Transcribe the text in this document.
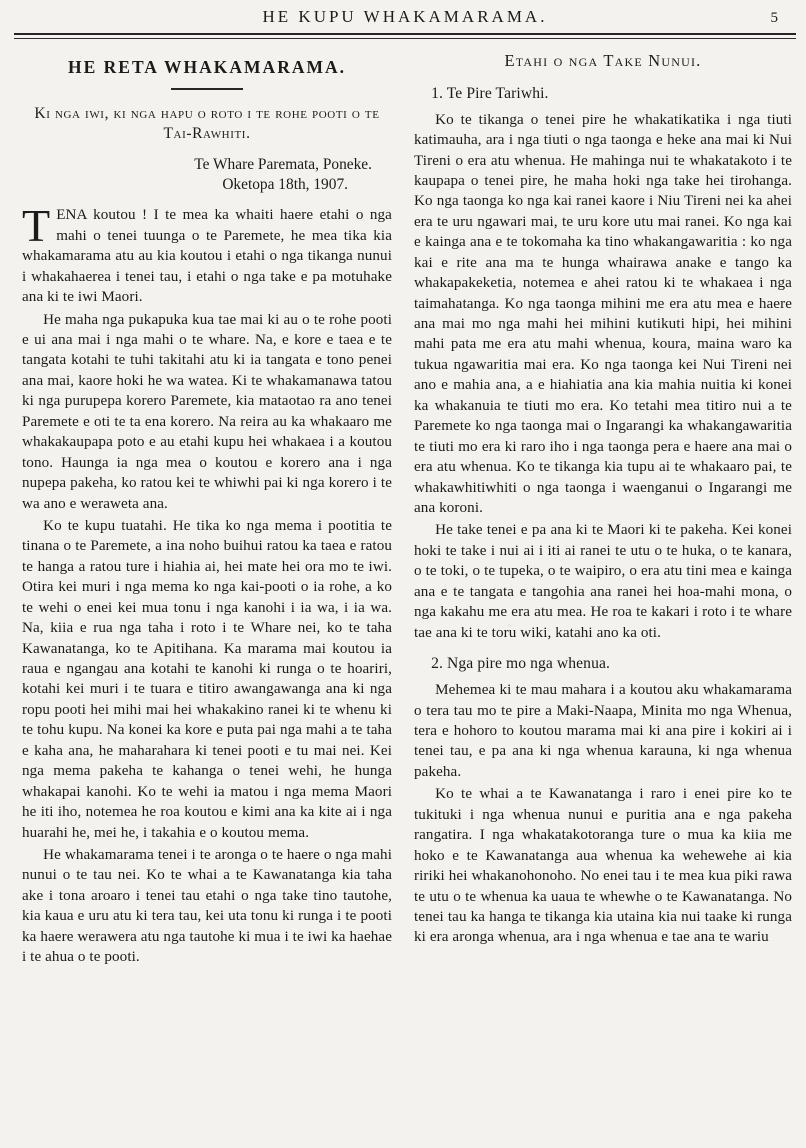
HE KUPU WHAKAMARAMA.	5
HE RETA WHAKAMARAMA.
Ki nga iwi, ki nga hapu o roto i te rohe pooti o te Tai-Rawhiti.
Te Whare Paremata, Poneke.
Oketopa 18th, 1907.

TENA koutou ! I te mea ka whaiti haere etahi o nga mahi o tenei tuunga o te Paremete, he mea tika kia whakamarama atu au kia koutou i etahi o nga tikanga nunui i whakahaerea i tenei tau, i etahi o nga take e pa motuhake ana ki te iwi Maori.

He maha nga pukapuka kua tae mai ki au o te rohe pooti e ui ana mai i nga mahi o te whare. Na, e kore e taea e te tangata kotahi te tuhi takitahi atu ki ia tangata e tono penei ana mai, kaore hoki he wa watea. Ki te whakamanawa tatou ki nga purupepa korero Paremete, kia mataotao ra ano tenei Paremete e oti te ta ena korero. Na reira au ka whakaaro me whakakaupapa poto e au etahi kupu hei whakaea i a koutou tono. Haunga ia nga mea o koutou e korero ana i nga nupepa pakeha, ko ratou kei te whiwhi pai ki nga korero i te wa ano e weraweta ana.

Ko te kupu tuatahi. He tika ko nga mema i pootitia te tinana o te Paremete, a ina noho buihui ratou ka taea e ratou te hanga a ratou ture i hiahia ai, hei mate hei ora mo te iwi. Otira kei muri i nga mema ko nga kai-pooti o ia rohe, a ko te wehi o enei kei mua tonu i nga kanohi i ia wa, i ia wa. Na, kiia e rua nga taha i roto i te Whare nei, ko te taha Kawanatanga, ko te Apitihana. Ka marama mai koutou ia raua e ngangau ana kotahi te kanohi ki runga o te hoariri, kotahi kei muri i te tuara e titiro awangawanga ana ki nga ropu pooti hei mihi mai hei whakakino ranei ki te whenu ki te tohu kupu. Na konei ka kore e puta pai nga mahi a te taha e kaha ana, he maharahara ki tenei pooti e tu mai nei. Kei nga mema pakeha te kahanga o tenei wehi, he hunga whakapai kanohi. Ko te wehi ia matou i nga mema Maori he iti iho, notemea he roa koutou e kimi ana ka kite ai i nga huarahi he, mei he, i takahia e o koutou mema.

He whakamarama tenei i te aronga o te haere o nga mahi nunui o te tau nei. Ko te whai a te Kawanatanga kia taha ake i tona aroaro i tenei tau etahi o nga take tino tautohe, kia kaua e uru atu ki tera tau, kei uta tonu ki runga i te pooti ka haere werawera atu nga tautohe ki mua i te iwi ka haehae i te ahua o te pooti.

Etahi o nga Take Nunui.
1. Te Pire Tariwhi.

Ko te tikanga o tenei pire he whakatikatika i nga tiuti katimauha, ara i nga tiuti o nga taonga e heke ana mai ki Nui Tireni o era atu whenua. He mahinga nui te whakatakoto i te kaupapa o tenei pire, he maha hoki nga take hei tirohanga. Ko nga taonga ko nga kai ranei kaore i Niu Tireni nei ka ahei era te uru ngawari mai, te uru kore utu mai ranei. Ko nga kai e kainga ana e te tokomaha ka tino whakangawaritia : ko nga kai e rite ana ma te hunga whairawa anake e tango ka whakapakeketia, notemea e ahei ratou ki te whakaea i nga taimahatanga. Ko nga taonga mihini me era atu mea e haere ana mai mo nga mahi hei mihini kutikuti hipi, hei mihini mahi pata me era atu mahi whenua, koura, maina waro ka tukua ngawaritia mai era. Ko nga taonga kei Nui Tireni nei ano e mahia ana, a e hiahiatia ana kia mahia nuitia ki konei ka whakanuia te tiuti mo era. Ko tetahi mea titiro nui a te Paremete ko nga taonga mai o Ingarangi ka whakangawaritia te tiuti mo era ki raro iho i nga taonga pera e haere ana mai o era atu whenua. Ko te tikanga kia tupu ai te whakaaro pai, te whakawhitiwhiti o nga taonga i waenganui o Ingarangi me ana koroni.

He take tenei e pa ana ki te Maori ki te pakeha. Kei konei hoki te take i nui ai i iti ai ranei te utu o te huka, o te kanara, o te toki, o te tupeka, o te waipiro, o era atu tini mea e kainga ana e te tangata e tangohia ana ranei hei hoa-mahi mona, o nga kakahu me era atu mea. He roa te kakari i roto i te whare tae ana ki te toru wiki, katahi ano ka oti.

2. Nga pire mo nga whenua.

Mehemea ki te mau mahara i a koutou aku whakamarama o tera tau mo te pire a Maki-Naapa, Minita mo nga Whenua, tera e hohoro to koutou marama mai ki ana pire i kokiri ai i tenei tau, e pa ana ki nga whenua karauna, ki nga whenua pakeha.

Ko te whai a te Kawanatanga i raro i enei pire ko te tukituki i nga whenua nunui e puritia ana e nga pakeha rangatira. I nga whakatakotoranga ture o mua ka kiia me hoko e te Kawanatanga aua whenua ka wehewehe ai kia ririki hei whakanohonoho. No enei tau i te mea kua piki rawa te utu o te whenua ka uaua te whewhe o te Kawanatanga. No tenei tau ka hanga te tikanga kia utaina kia nui taake ki runga ki era aronga whenua, ara i nga whenua e tae ana te wariu
